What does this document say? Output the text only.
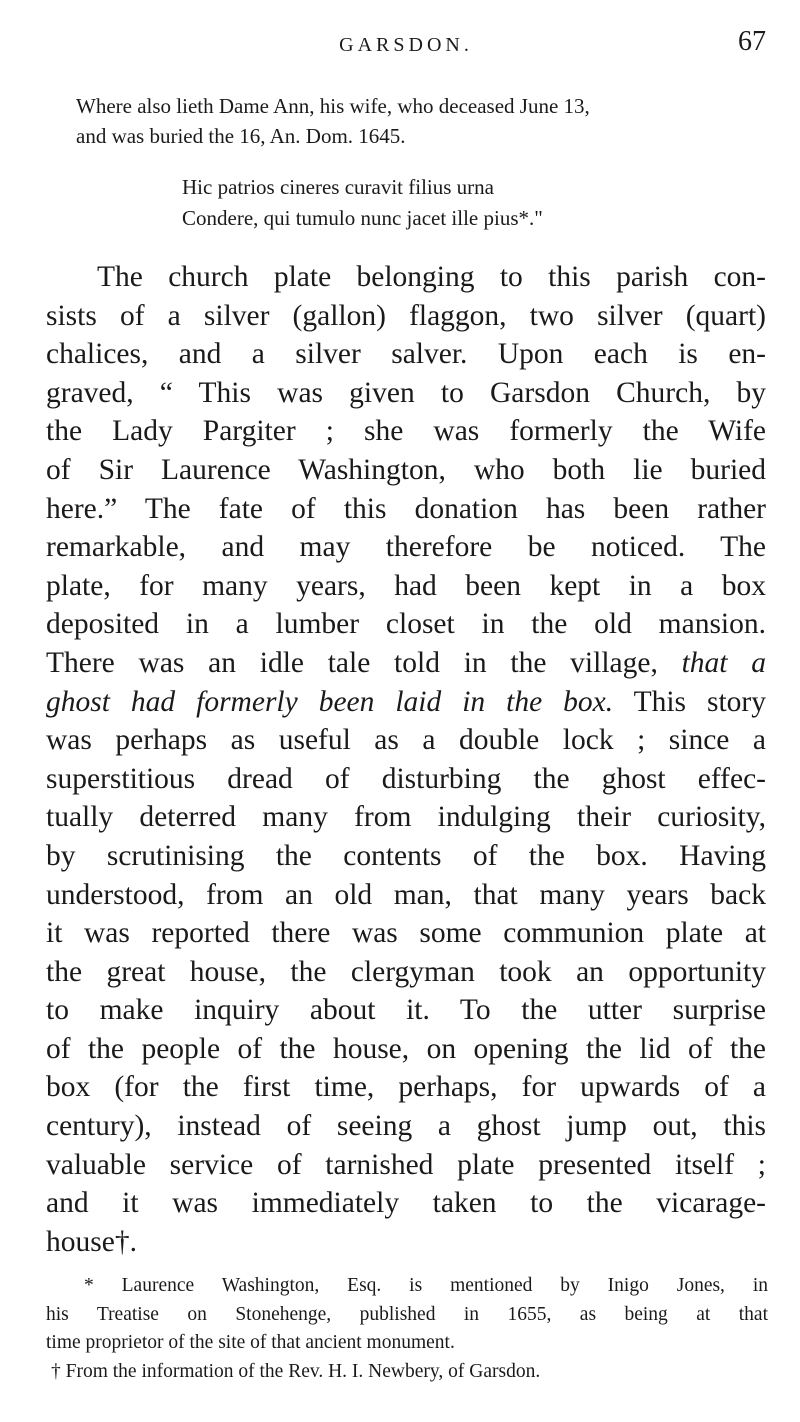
GARSDON.	67
Where also lieth Dame Ann, his wife, who deceased June 13,
and was buried the 16, An. Dom. 1645.
Hic patrios cineres curavit filius urna
Condere, qui tumulo nunc jacet ille pius*."
The church plate belonging to this parish con-
sists of a silver (gallon) flaggon, two silver (quart)
chalices, and a silver salver. Upon each is en-
graved, “ This was given to Garsdon Church, by
the Lady Pargiter ; she was formerly the Wife
of Sir Laurence Washington, who both lie buried
here.” The fate of this donation has been rather
remarkable, and may therefore be noticed. The
plate, for many years, had been kept in a box
deposited in a lumber closet in the old mansion.
There was an idle tale told in the village, that a
ghost had formerly been laid in the box. This story
was perhaps as useful as a double lock ; since a
superstitious dread of disturbing the ghost effec-
tually deterred many from indulging their curiosity,
by scrutinising the contents of the box. Having
understood, from an old man, that many years back
it was reported there was some communion plate at
the great house, the clergyman took an opportunity
to make inquiry about it. To the utter surprise
of the people of the house, on opening the lid of the
box (for the first time, perhaps, for upwards of a
century), instead of seeing a ghost jump out, this
valuable service of tarnished plate presented itself ;
and it was immediately taken to the vicarage-
house†.
* Laurence Washington, Esq. is mentioned by Inigo Jones, in
his Treatise on Stonehenge, published in 1655, as being at that
time proprietor of the site of that ancient monument.
† From the information of the Rev. H. I. Newbery, of Garsdon.
